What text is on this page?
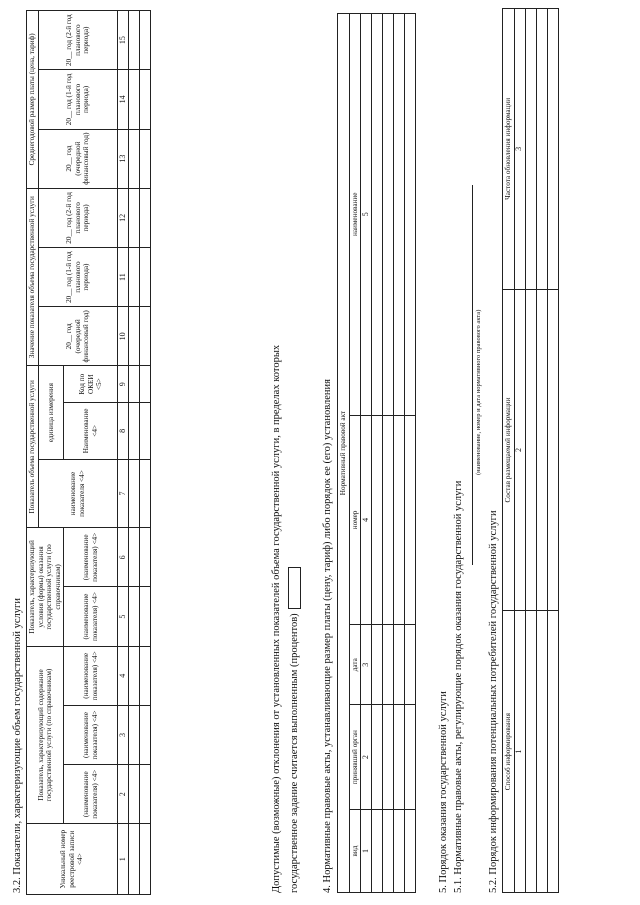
3.2. Показатели, характеризующие объем государственной услуги	Уникальный номер реестровой записи <4>	Показатель, характеризующий содержание государственной услуги (по справочникам)			Показатель, характеризующий условия (формы) оказания государственной услуги (по справочникам)		Показатель объема государственной услуги			Значение показателя объема государственной услуги			Среднегодовой размер платы (цена, тариф)		
						наименование показателя <4>	единица измерения		20__ год (очередной финансовый год)	20__ год (1-й год планового периода)	20__ год (2-й год планового периода)	20__ год (очередной финансовый год)	20__ год (1-й год планового периода)	20__ год (2-й год планового периода)
	(наименование показателя) <4>	(наименование показателя) <4>	(наименование показателя) <4>	(наименование показателя) <4>	(наименование показателя) <4>		Наименование <4>	Код по ОКЕИ <5>						
1	2	3	4	5	6	7	8	9	10	11	12	13	14	15

Допустимые (возможные) отклонения от установленных показателей объема государственной услуги, в пределах которых государственное задание считается выполненным (процентов)	4. Нормативные правовые акты, устанавливающие размер платы (цену, тариф) либо порядок ее (его) установления Нормативный правовой акт				
вид	принявший орган	дата	номер	наименование
1	2	3	4	5

5. Порядок оказания государственной услуги 5.1. Нормативные правовые акты, регулирующие порядок оказания государственной услуги
(наименование, номер и дата нормативного правового акта)
5.2. Порядок информирования потенциальных потребителей государственной услуги Способ информирования	Состав размещаемой информации	Частота обновления информации
1	2	3
